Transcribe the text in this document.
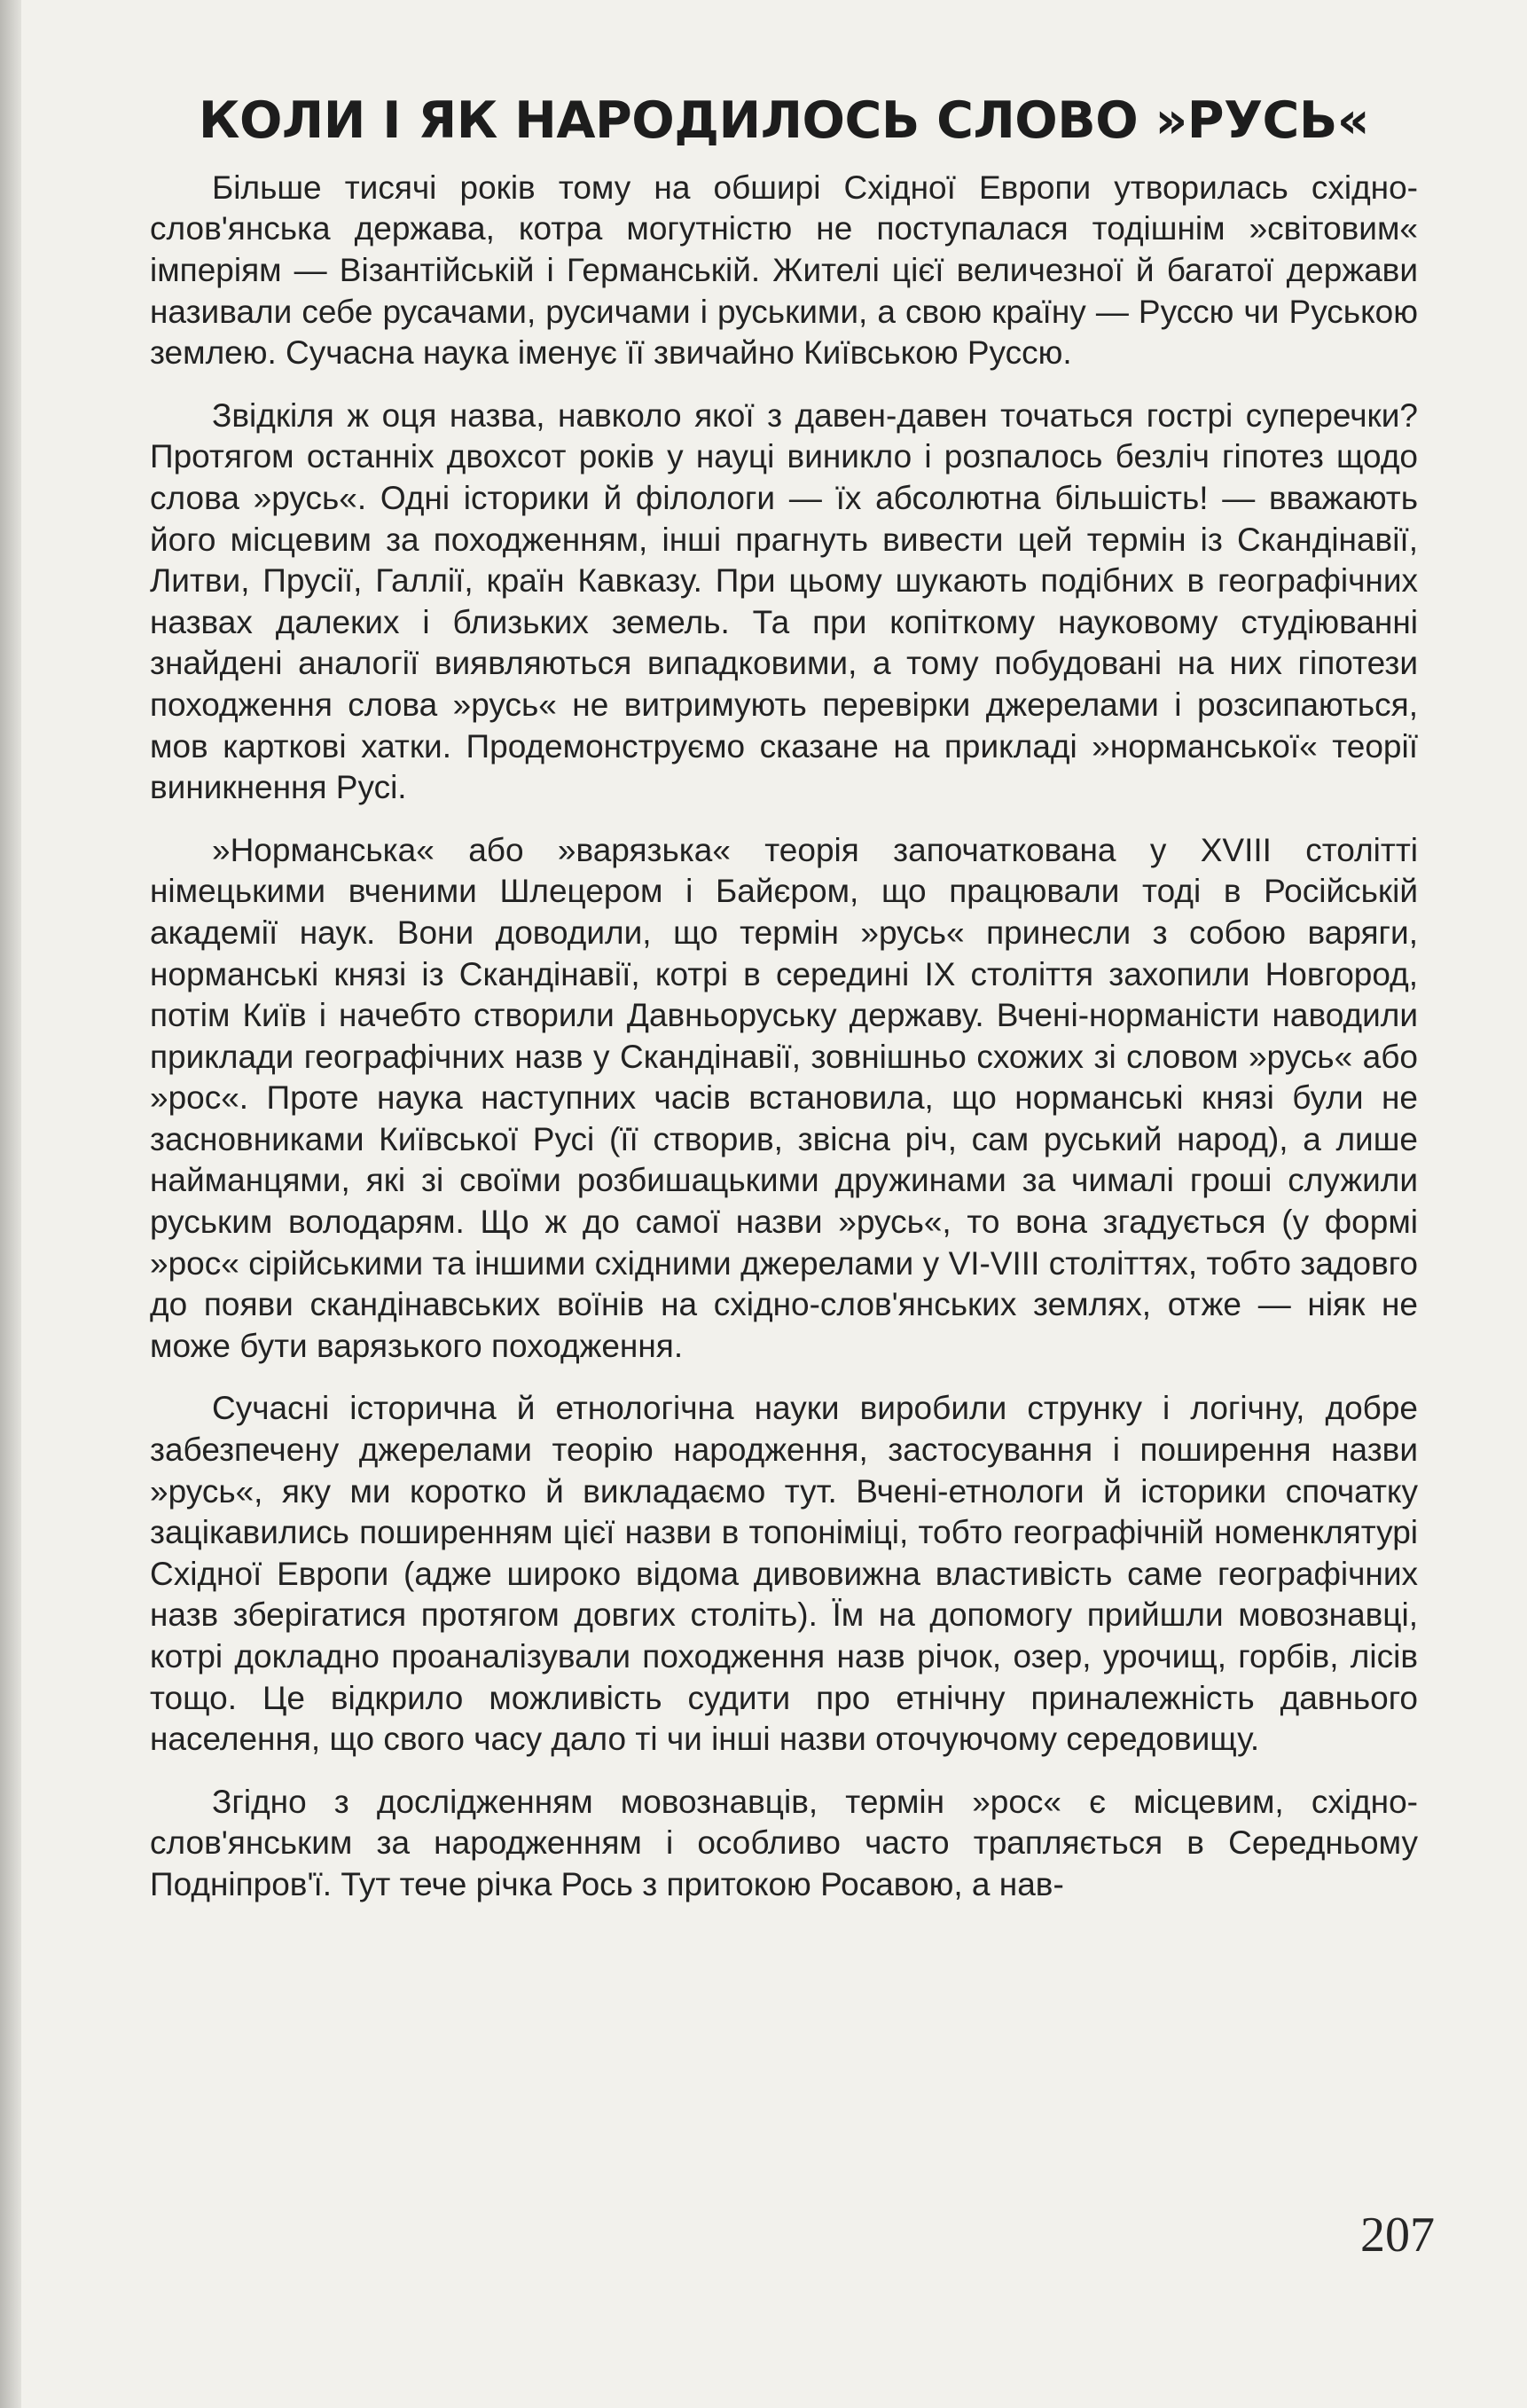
КОЛИ І ЯК НАРОДИЛОСЬ СЛОВО »РУСЬ«

Більше тисячі років тому на обширі Східної Европи утворилась східно-слов'янська держава, котра могутністю не поступалася тодішнім »світовим« імперіям — Візантійській і Германській. Жителі цієї величезної й багатої держави називали себе русачами, русичами і руськими, а свою країну — Руссю чи Руською землею. Сучасна наука іменує її звичайно Київською Руссю.

Звідкіля ж оця назва, навколо якої з давен-давен точаться гострі суперечки? Протягом останніх двохсот років у науці виникло і розпалось безліч гіпотез щодо слова »русь«. Одні історики й філологи — їх абсолютна більшість! — вважають його місцевим за походженням, інші прагнуть вивести цей термін із Скандінавії, Литви, Прусії, Галлії, країн Кавказу. При цьому шукають подібних в географічних назвах далеких і близьких земель. Та при копіткому науковому студіюванні знайдені аналогії виявляються випадковими, а тому побудовані на них гіпотези походження слова »русь« не витримують перевірки джерелами і розсипаються, мов карткові хатки. Продемонструємо сказане на прикладі »норманської« теорії виникнення Русі.

»Норманська« або »варязька« теорія започаткована у XVIII столітті німецькими вченими Шлецером і Байєром, що працювали тоді в Російській академії наук. Вони доводили, що термін »русь« принесли з собою варяги, норманські князі із Скандінавії, котрі в середині IX століття захопили Новгород, потім Київ і начебто створили Давньоруську державу. Вчені-норманісти наводили приклади географічних назв у Скандінавії, зовнішньо схожих зі словом »русь« або »рос«. Проте наука наступних часів встановила, що норманські князі були не засновниками Київської Русі (її створив, звісна річ, сам руський народ), а лише найманцями, які зі своїми розбишацькими дружинами за чималі гроші служили руським володарям. Що ж до самої назви »русь«, то вона згадується (у формі »рос« сірійськими та іншими східними джерелами у VI-VIII століттях, тобто задовго до появи скандінавських воїнів на східно-слов'янських землях, отже — ніяк не може бути варязького походження.

Сучасні історична й етнологічна науки виробили струнку і логічну, добре забезпечену джерелами теорію народження, застосування і поширення назви »русь«, яку ми коротко й викладаємо тут. Вчені-етнологи й історики спочатку зацікавились поширенням цієї назви в топоніміці, тобто географічній номенклятурі Східної Европи (адже широко відома дивовижна властивість саме географічних назв зберігатися протягом довгих століть). Їм на допомогу прийшли мовознавці, котрі докладно проаналізували походження назв річок, озер, урочищ, горбів, лісів тощо. Це відкрило можливість судити про етнічну приналежність давнього населення, що свого часу дало ті чи інші назви оточуючому середовищу.

Згідно з дослідженням мовознавців, термін »рос« є місцевим, східно-слов'янським за народженням і особливо часто трапляється в Середньому Подніпров'ї. Тут тече річка Рось з притокою Росавою, а нав-

207
